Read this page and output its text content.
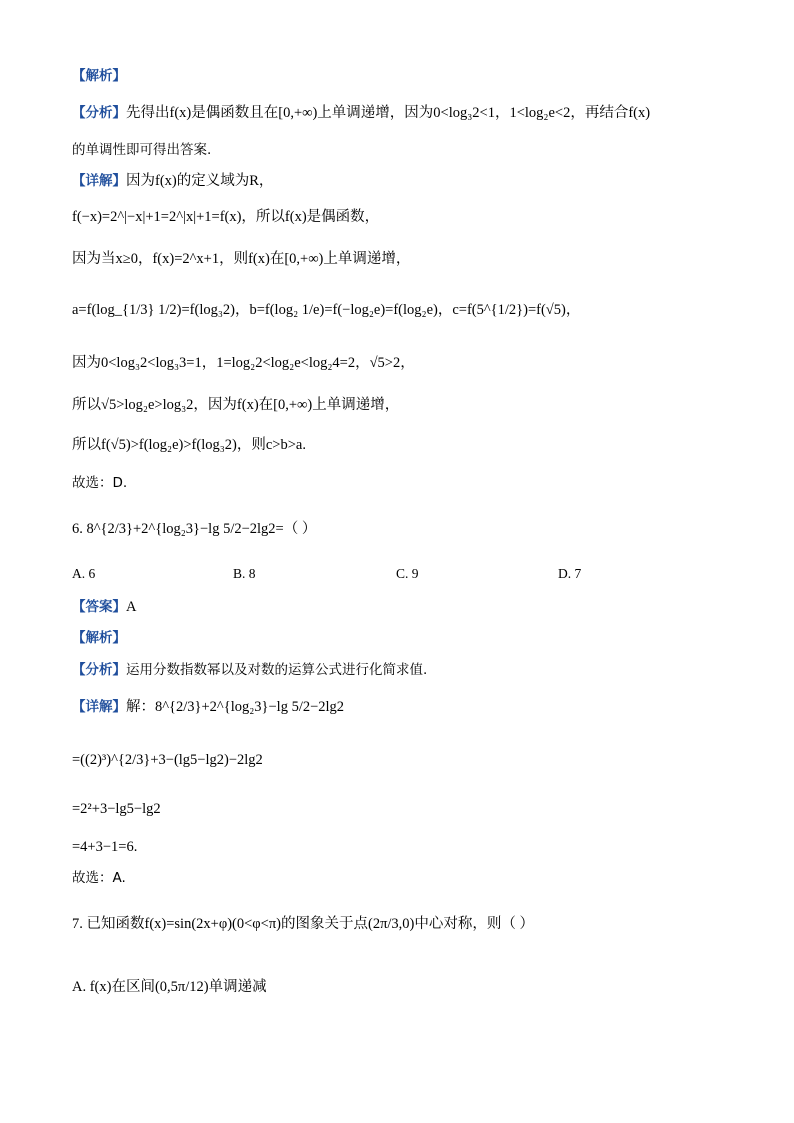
【解析】
【分析】先得出f(x)是偶函数且在[0,+∞)上单调递增，因为0<log₃2<1，1<log₂e<2，再结合f(x)
的单调性即可得出答案.
【详解】因为f(x)的定义域为R，
f(−x)=2^|−x|+1=2^|x|+1=f(x)，所以f(x)是偶函数，
因为当x≥0，f(x)=2^x+1，则f(x)在[0,+∞)上单调递增，
a=f(log_{1/3} 1/2)=f(log₃2)，b=f(log₂ 1/e)=f(−log₂e)=f(log₂e)，c=f(5^{1/2})=f(√5)，
因为0<log₃2<log₃3=1，1=log₂2<log₂e<log₂4=2，√5>2，
所以√5>log₂e>log₃2，因为f(x)在[0,+∞)上单调递增，
所以f(√5)>f(log₂e)>f(log₃2)，则c>b>a.
故选：D.
6. 8^{2/3}+2^{log₂3}−lg 5/2−2lg2=（ ）
A. 6	B. 8	C. 9	D. 7
【答案】A
【解析】
【分析】运用分数指数幂以及对数的运算公式进行化简求值.
【详解】解：8^{2/3}+2^{log₂3}−lg 5/2−2lg2
=((2)³)^{2/3}+3−(lg5−lg2)−2lg2
=2²+3−lg5−lg2
=4+3−1=6.
故选：A.
7. 已知函数f(x)=sin(2x+φ)(0<φ<π)的图象关于点(2π/3,0)中心对称，则（ ）
A. f(x)在区间(0,5π/12)单调递减
